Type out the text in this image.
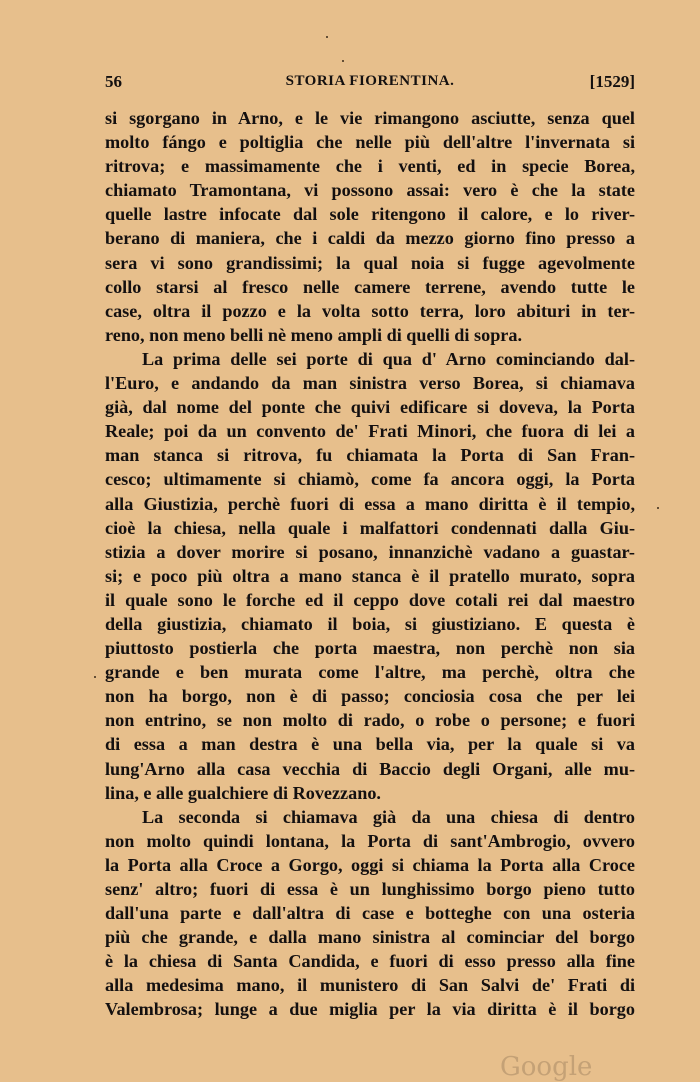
56	STORIA FIORENTINA.	[1529]
si sgorgano in Arno, e le vie rimangono asciutte, senza quel
molto fángo e poltiglia che nelle più dell'altre l'invernata si
ritrova; e massimamente che i venti, ed in specie Borea,
chiamato Tramontana, vi possono assai: vero è che la state
quelle lastre infocate dal sole ritengono il calore, e lo river-
berano di maniera, che i caldi da mezzo giorno fino presso a
sera vi sono grandissimi; la qual noia si fugge agevolmente
collo starsi al fresco nelle camere terrene, avendo tutte le
case, oltra il pozzo e la volta sotto terra, loro abituri in ter-
reno, non meno belli nè meno ampli di quelli di sopra.
La prima delle sei porte di qua d' Arno cominciando dal-
l'Euro, e andando da man sinistra verso Borea, si chiamava
già, dal nome del ponte che quivi edificare si doveva, la Porta
Reale; poi da un convento de' Frati Minori, che fuora di lei a
man stanca si ritrova, fu chiamata la Porta di San Fran-
cesco; ultimamente si chiamò, come fa ancora oggi, la Porta
alla Giustizia, perchè fuori di essa a mano diritta è il tempio,
cioè la chiesa, nella quale i malfattori condennati dalla Giu-
stizia a dover morire si posano, innanzichè vadano a guastar-
si; e poco più oltra a mano stanca è il pratello murato, sopra
il quale sono le forche ed il ceppo dove cotali rei dal maestro
della giustizia, chiamato il boia, si giustiziano. E questa è
piuttosto postierla che porta maestra, non perchè non sia
grande e ben murata come l'altre, ma perchè, oltra che
non ha borgo, non è di passo; conciosia cosa che per lei
non entrino, se non molto di rado, o robe o persone; e fuori
di essa a man destra è una bella via, per la quale si va
lung'Arno alla casa vecchia di Baccio degli Organi, alle mu-
lina, e alle gualchiere di Rovezzano.
La seconda si chiamava già da una chiesa di dentro
non molto quindi lontana, la Porta di sant'Ambrogio, ovvero
la Porta alla Croce a Gorgo, oggi si chiama la Porta alla Croce
senz' altro; fuori di essa è un lunghissimo borgo pieno tutto
dall'una parte e dall'altra di case e botteghe con una osteria
più che grande, e dalla mano sinistra al cominciar del borgo
è la chiesa di Santa Candida, e fuori di esso presso alla fine
alla medesima mano, il munistero di San Salvi de' Frati di
Valembrosa; lunge a due miglia per la via diritta è il borgo
Google
